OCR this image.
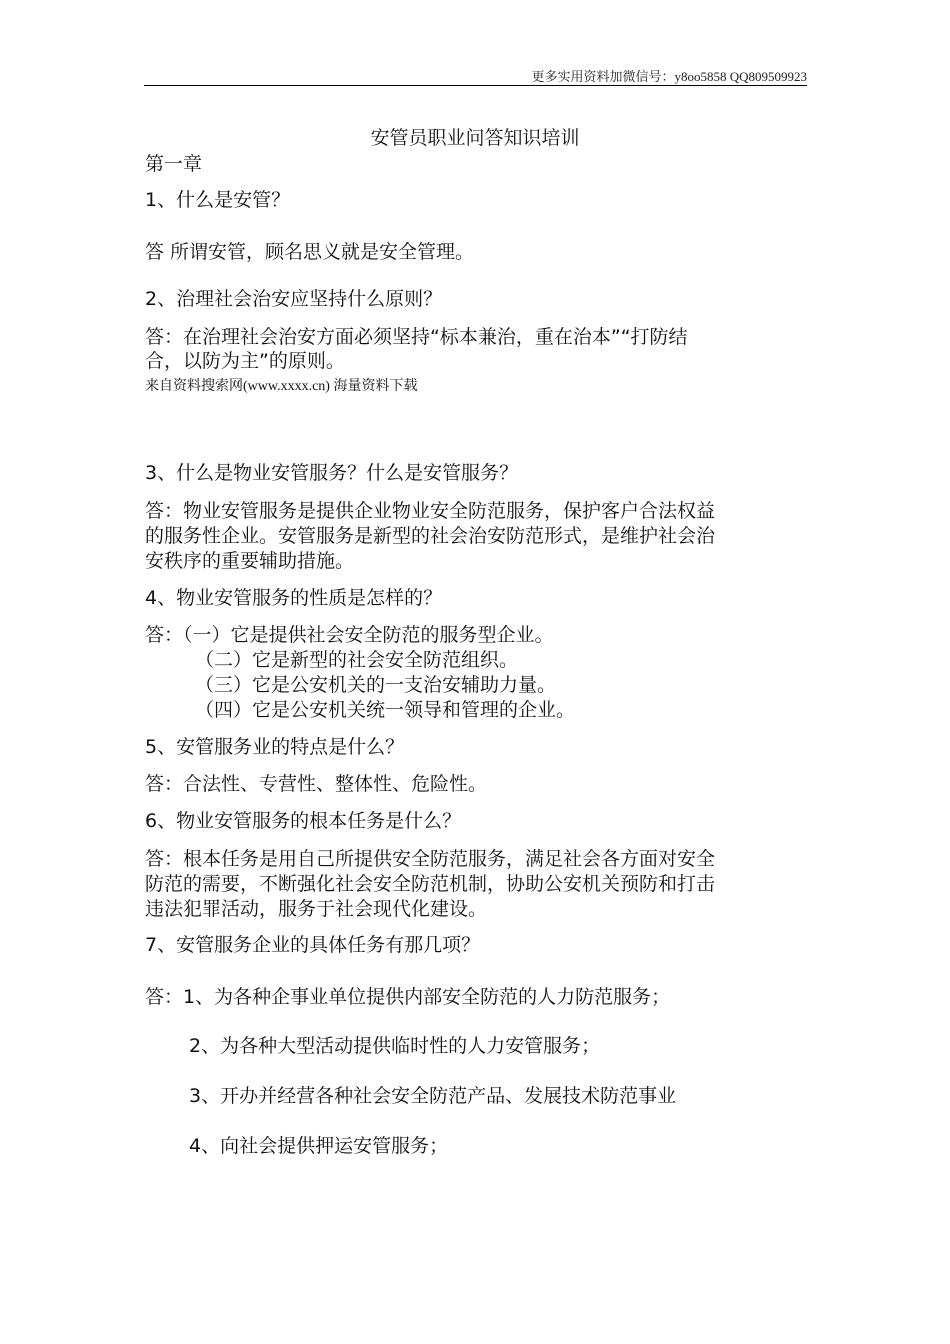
更多实用资料加微信号：y8oo5858 QQ809509923
安管员职业问答知识培训
第一章
1、什么是安管？
答 所谓安管，顾名思义就是安全管理。
2、治理社会治安应坚持什么原则？
答：在治理社会治安方面必须坚持“标本兼治，重在治本”“打防结
合，以防为主”的原则。
来自资料搜索网(www.xxxx.cn) 海量资料下载
3、什么是物业安管服务？什么是安管服务？
答：物业安管服务是提供企业物业安全防范服务，保护客户合法权益
的服务性企业。安管服务是新型的社会治安防范形式，是维护社会治
安秩序的重要辅助措施。
4、物业安管服务的性质是怎样的？
答：（一）它是提供社会安全防范的服务型企业。
（二）它是新型的社会安全防范组织。
（三）它是公安机关的一支治安辅助力量。
（四）它是公安机关统一领导和管理的企业。
5、安管服务业的特点是什么？
答：合法性、专营性、整体性、危险性。
6、物业安管服务的根本任务是什么？
答：根本任务是用自己所提供安全防范服务，满足社会各方面对安全
防范的需要，不断强化社会安全防范机制，协助公安机关预防和打击
违法犯罪活动，服务于社会现代化建设。
7、安管服务企业的具体任务有那几项？
答：1、为各种企事业单位提供内部安全防范的人力防范服务；
2、为各种大型活动提供临时性的人力安管服务；
3、开办并经营各种社会安全防范产品、发展技术防范事业
4、向社会提供押运安管服务；
